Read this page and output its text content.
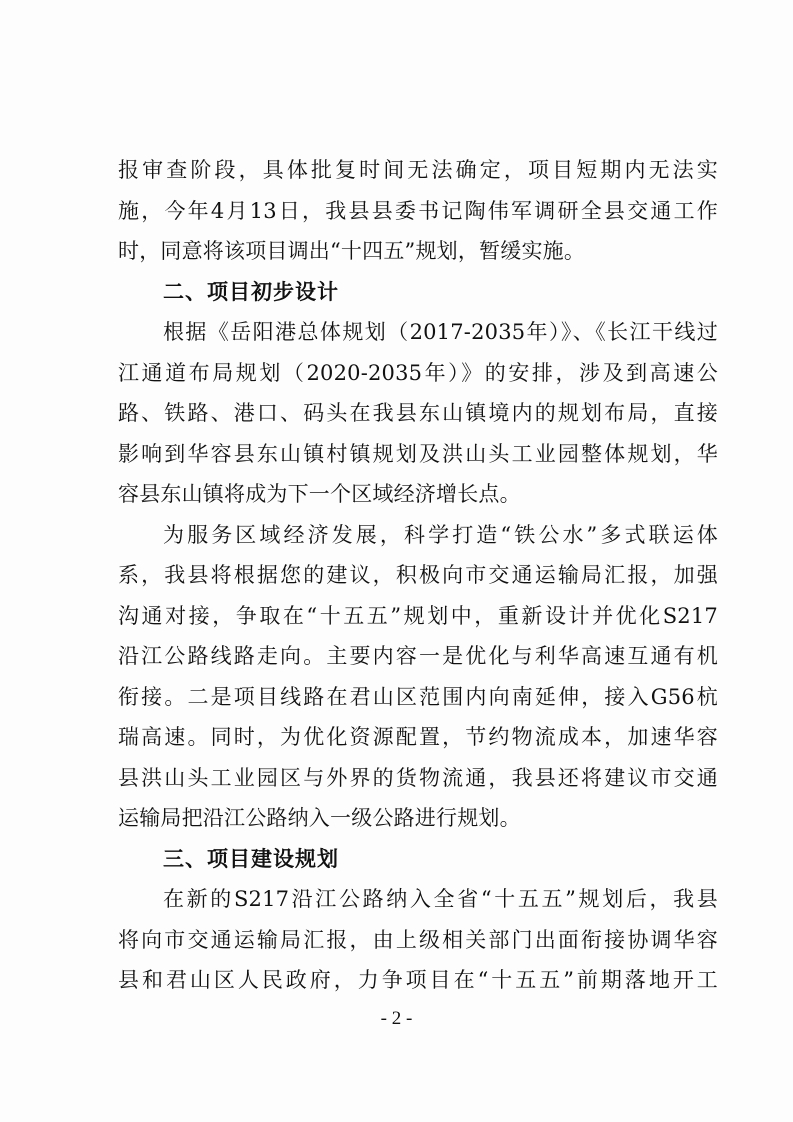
报审查阶段，具体批复时间无法确定，项目短期内无法实
施，今年4月13日，我县县委书记陶伟军调研全县交通工作
时，同意将该项目调出“十四五”规划，暂缓实施。
二、项目初步设计
根据《岳阳港总体规划（2017-2035年）》、《长江干线过
江通道布局规划（2020-2035年）》的安排，涉及到高速公
路、铁路、港口、码头在我县东山镇境内的规划布局，直接
影响到华容县东山镇村镇规划及洪山头工业园整体规划，华
容县东山镇将成为下一个区域经济增长点。
为服务区域经济发展，科学打造“铁公水”多式联运体
系，我县将根据您的建议，积极向市交通运输局汇报，加强
沟通对接，争取在“十五五”规划中，重新设计并优化S217
沿江公路线路走向。主要内容一是优化与利华高速互通有机
衔接。二是项目线路在君山区范围内向南延伸，接入G56杭
瑞高速。同时，为优化资源配置，节约物流成本，加速华容
县洪山头工业园区与外界的货物流通，我县还将建议市交通
运输局把沿江公路纳入一级公路进行规划。
三、项目建设规划
在新的S217沿江公路纳入全省“十五五”规划后，我县
将向市交通运输局汇报，由上级相关部门出面衔接协调华容
县和君山区人民政府，力争项目在“十五五”前期落地开工
- 2 -
